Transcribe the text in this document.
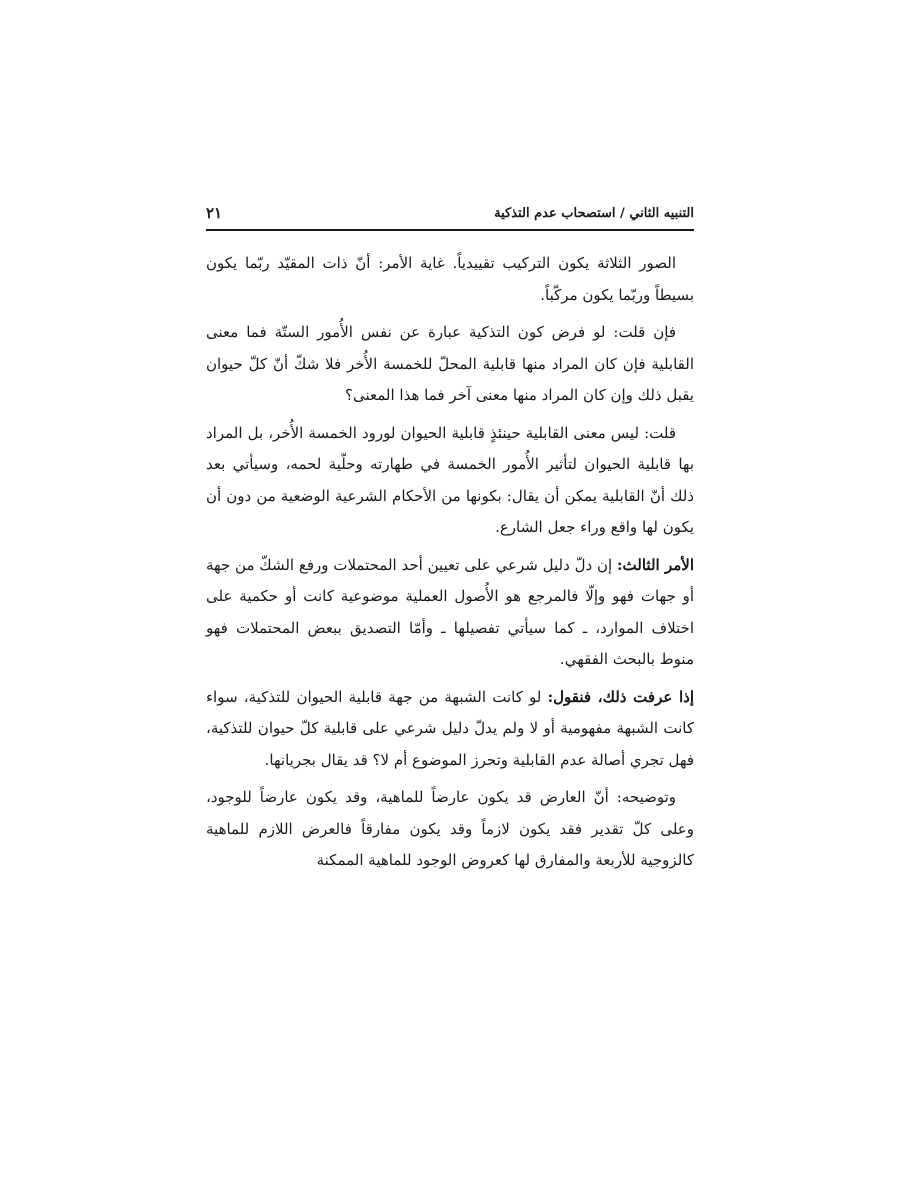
التنبيه الثاني / استصحاب عدم التذكية
٢١

الصور الثلاثة يكون التركيب تقييدياً. غاية الأمر: أنّ ذات المقيّد ربّما يكون بسيطاً وربّما يكون مركّباً.

فإن قلت: لو فرض كون التذكية عبارة عن نفس الأُمور الستّة فما معنى القابلية فإن كان المراد منها قابلية المحلّ للخمسة الأُخر فلا شكّ أنّ كلّ حيوان يقبل ذلك وإن كان المراد منها معنى آخر فما هذا المعنى؟

قلت: ليس معنى القابلية حينئذٍ قابلية الحيوان لورود الخمسة الأُخر، بل المراد بها قابلية الحيوان لتأثير الأُمور الخمسة في طهارته وحلّية لحمه، وسيأتي بعد ذلك أنّ القابلية يمكن أن يقال: بكونها من الأحكام الشرعية الوضعية من دون أن يكون لها واقع وراء جعل الشارع.

الأمر الثالث: إن دلّ دليل شرعي على تعيين أحد المحتملات ورفع الشكّ من جهة أو جهات فهو وإلّا فالمرجع هو الأُصول العملية موضوعية كانت أو حكمية على اختلاف الموارد، ـ كما سيأتي تفصيلها ـ وأمّا التصديق ببعض المحتملات فهو منوط بالبحث الفقهي.

إذا عرفت ذلك، فنقول: لو كانت الشبهة من جهة قابلية الحيوان للتذكية، سواء كانت الشبهة مفهومية أو لا ولم يدلّ دليل شرعي على قابلية كلّ حيوان للتذكية، فهل تجري أصالة عدم القابلية وتحرز الموضوع أم لا؟ قد يقال بجريانها.

وتوضيحه: أنّ العارض قد يكون عارضاً للماهية، وقد يكون عارضاً للوجود، وعلى كلّ تقدير فقد يكون لازماً وقد يكون مفارقاً فالعرض اللازم للماهية كالزوجية للأربعة والمفارق لها كعروض الوجود للماهية الممكنة
